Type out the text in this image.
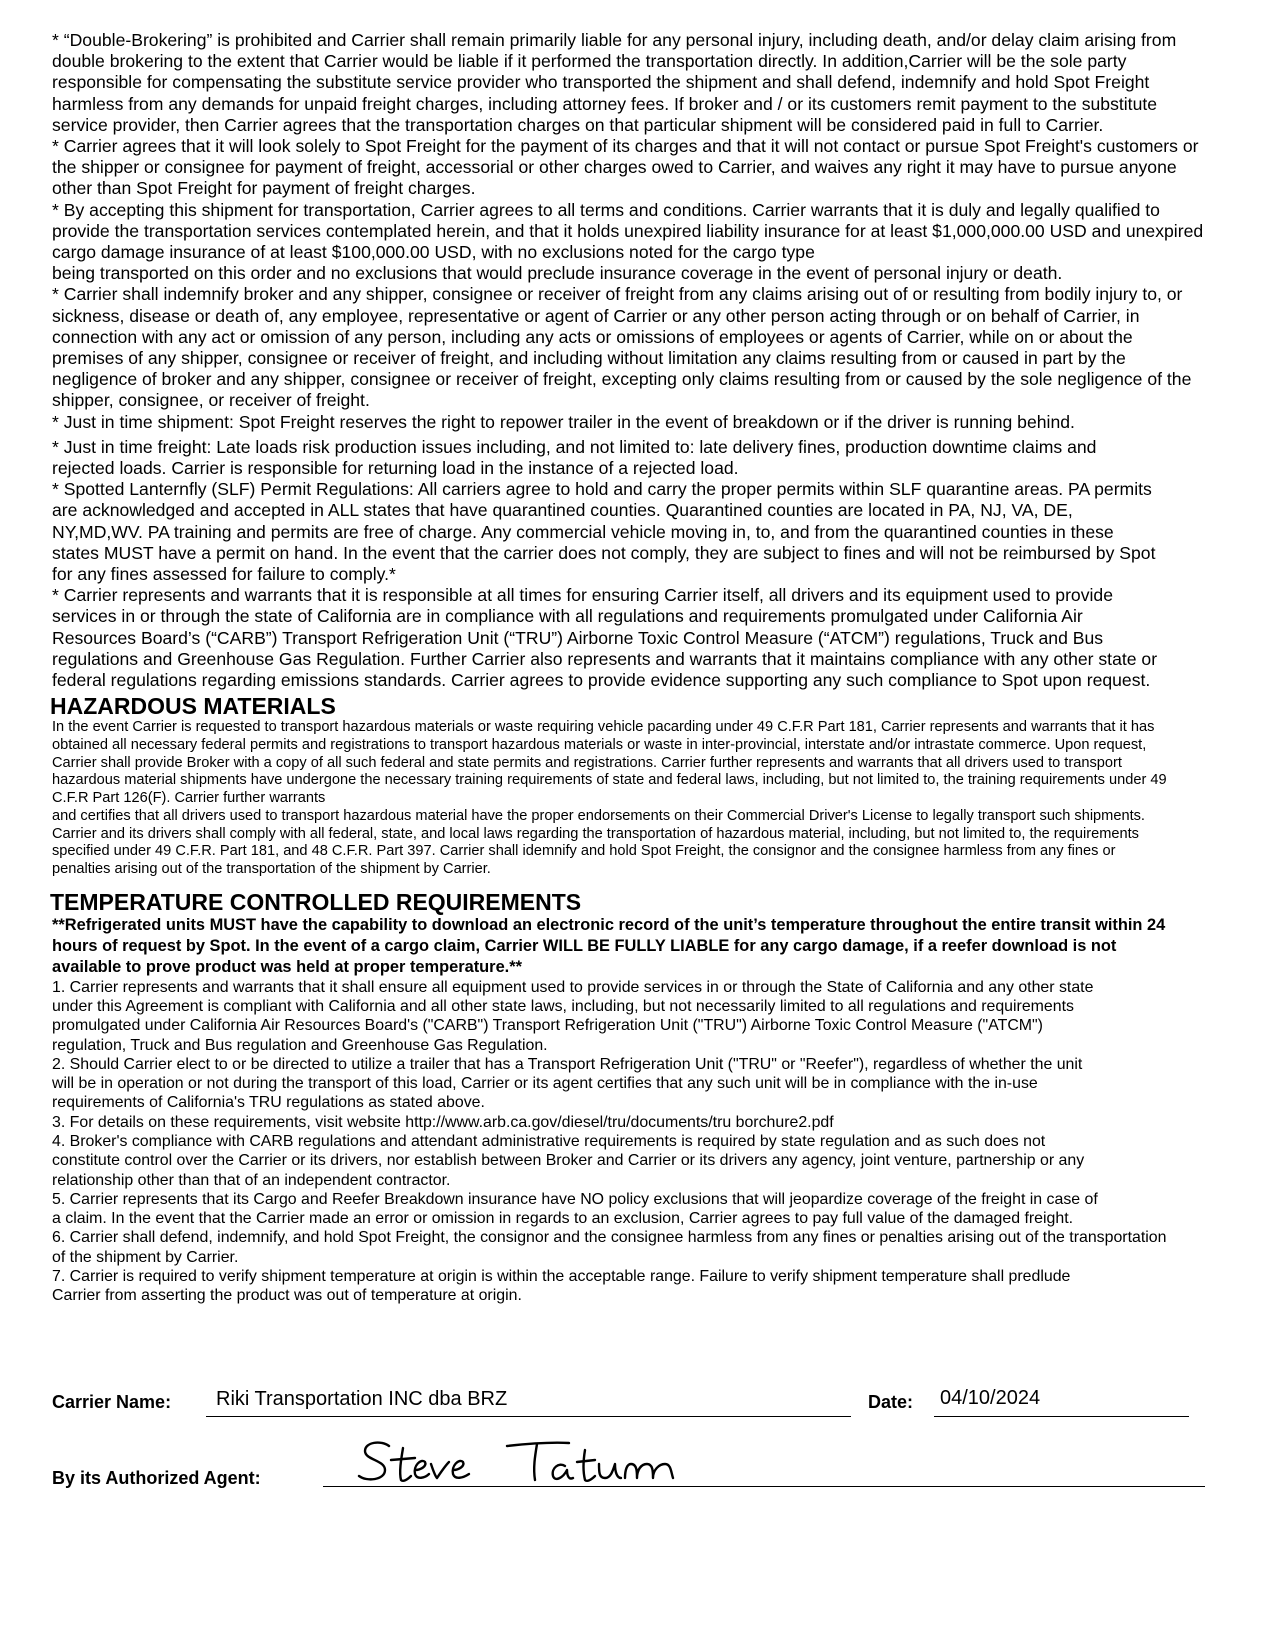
* “Double-Brokering” is prohibited and Carrier shall remain primarily liable for any personal injury, including death, and/or delay claim arising from double brokering to the extent that Carrier would be liable if it performed the transportation directly. In addition,Carrier will be the sole party responsible for compensating the substitute service provider who transported the shipment and shall defend, indemnify and hold Spot Freight harmless from any demands for unpaid freight charges, including attorney fees. If broker and / or its customers remit payment to the substitute service provider, then Carrier agrees that the transportation charges on that particular shipment will be considered paid in full to Carrier.

* Carrier agrees that it will look solely to Spot Freight for the payment of its charges and that it will not contact or pursue Spot Freight's customers or the shipper or consignee for payment of freight, accessorial or other charges owed to Carrier, and waives any right it may have to pursue anyone other than Spot Freight for payment of freight charges.

* By accepting this shipment for transportation, Carrier agrees to all terms and conditions. Carrier warrants that it is duly and legally qualified to provide the transportation services contemplated herein, and that it holds unexpired liability insurance for at least $1,000,000.00 USD and unexpired cargo damage insurance of at least $100,000.00 USD, with no exclusions noted for the cargo type

being transported on this order and no exclusions that would preclude insurance coverage in the event of personal injury or death.

* Carrier shall indemnify broker and any shipper, consignee or receiver of freight from any claims arising out of or resulting from bodily injury to, or sickness, disease or death of, any employee, representative or agent of Carrier or any other person acting through or on behalf of Carrier, in connection with any act or omission of any person, including any acts or omissions of employees or agents of Carrier, while on or about the premises of any shipper, consignee or receiver of freight, and including without limitation any claims resulting from or caused in part by the negligence of broker and any shipper, consignee or receiver of freight, excepting only claims resulting from or caused by the sole negligence of the shipper, consignee, or receiver of freight.

* Just in time shipment: Spot Freight reserves the right to repower trailer in the event of breakdown or if the driver is running behind.

* Just in time freight: Late loads risk production issues including, and not limited to: late delivery fines, production downtime claims and rejected loads. Carrier is responsible for returning load in the instance of a rejected load.

* Spotted Lanternfly (SLF) Permit Regulations: All carriers agree to hold and carry the proper permits within SLF quarantine areas. PA permits are acknowledged and accepted in ALL states that have quarantined counties. Quarantined counties are located in PA, NJ, VA, DE, NY,MD,WV. PA training and permits are free of charge. Any commercial vehicle moving in, to, and from the quarantined counties in these states MUST have a permit on hand. In the event that the carrier does not comply, they are subject to fines and will not be reimbursed by Spot for any fines assessed for failure to comply.*

* Carrier represents and warrants that it is responsible at all times for ensuring Carrier itself, all drivers and its equipment used to provide services in or through the state of California are in compliance with all regulations and requirements promulgated under California Air Resources Board’s (“CARB”) Transport Refrigeration Unit (“TRU”) Airborne Toxic Control Measure (“ATCM”) regulations, Truck and Bus regulations and Greenhouse Gas Regulation. Further Carrier also represents and warrants that it maintains compliance with any other state or federal regulations regarding emissions standards. Carrier agrees to provide evidence supporting any such compliance to Spot upon request.

HAZARDOUS MATERIALS

In the event Carrier is requested to transport hazardous materials or waste requiring vehicle pacarding under 49 C.F.R Part 181, Carrier represents and warrants that it has obtained all necessary federal permits and registrations to transport hazardous materials or waste in inter-provincial, interstate and/or intrastate commerce. Upon request, Carrier shall provide Broker with a copy of all such federal and state permits and registrations. Carrier further represents and warrants that all drivers used to transport hazardous material shipments have undergone the necessary training requirements of state and federal laws, including, but not limited to, the training requirements under 49 C.F.R Part 126(F). Carrier further warrants

and certifies that all drivers used to transport hazardous material have the proper endorsements on their Commercial Driver's License to legally transport such shipments. Carrier and its drivers shall comply with all federal, state, and local laws regarding the transportation of hazardous material, including, but not limited to, the requirements specified under 49 C.F.R. Part 181, and 48 C.F.R. Part 397. Carrier shall idemnify and hold Spot Freight, the consignor and the consignee harmless from any fines or penalties arising out of the transportation of the shipment by Carrier.

TEMPERATURE CONTROLLED REQUIREMENTS

**Refrigerated units MUST have the capability to download an electronic record of the unit’s temperature throughout the entire transit within 24 hours of request by Spot. In the event of a cargo claim, Carrier WILL BE FULLY LIABLE for any cargo damage, if a reefer download is not available to prove product was held at proper temperature.**

1. Carrier represents and warrants that it shall ensure all equipment used to provide services in or through the State of California and any other state under this Agreement is compliant with California and all other state laws, including, but not necessarily limited to all regulations and requirements promulgated under California Air Resources Board's ("CARB") Transport Refrigeration Unit ("TRU") Airborne Toxic Control Measure ("ATCM") regulation, Truck and Bus regulation and Greenhouse Gas Regulation.

2. Should Carrier elect to or be directed to utilize a trailer that has a Transport Refrigeration Unit ("TRU" or "Reefer"), regardless of whether the unit will be in operation or not during the transport of this load, Carrier or its agent certifies that any such unit will be in compliance with the in-use requirements of California's TRU regulations as stated above.

3. For details on these requirements, visit website http://www.arb.ca.gov/diesel/tru/documents/tru borchure2.pdf

4. Broker's compliance with CARB regulations and attendant administrative requirements is required by state regulation and as such does not constitute control over the Carrier or its drivers, nor establish between Broker and Carrier or its drivers any agency, joint venture, partnership or any relationship other than that of an independent contractor.

5. Carrier represents that its Cargo and Reefer Breakdown insurance have NO policy exclusions that will jeopardize coverage of the freight in case of a claim. In the event that the Carrier made an error or omission in regards to an exclusion, Carrier agrees to pay full value of the damaged freight.

6. Carrier shall defend, indemnify, and hold Spot Freight, the consignor and the consignee harmless from any fines or penalties arising out of the transportation of the shipment by Carrier.

7. Carrier is required to verify shipment temperature at origin is within the acceptable range. Failure to verify shipment temperature shall predlude Carrier from asserting the product was out of temperature at origin.

Carrier Name: Riki Transportation INC dba BRZ	Date: 04/10/2024
By its Authorized Agent:
